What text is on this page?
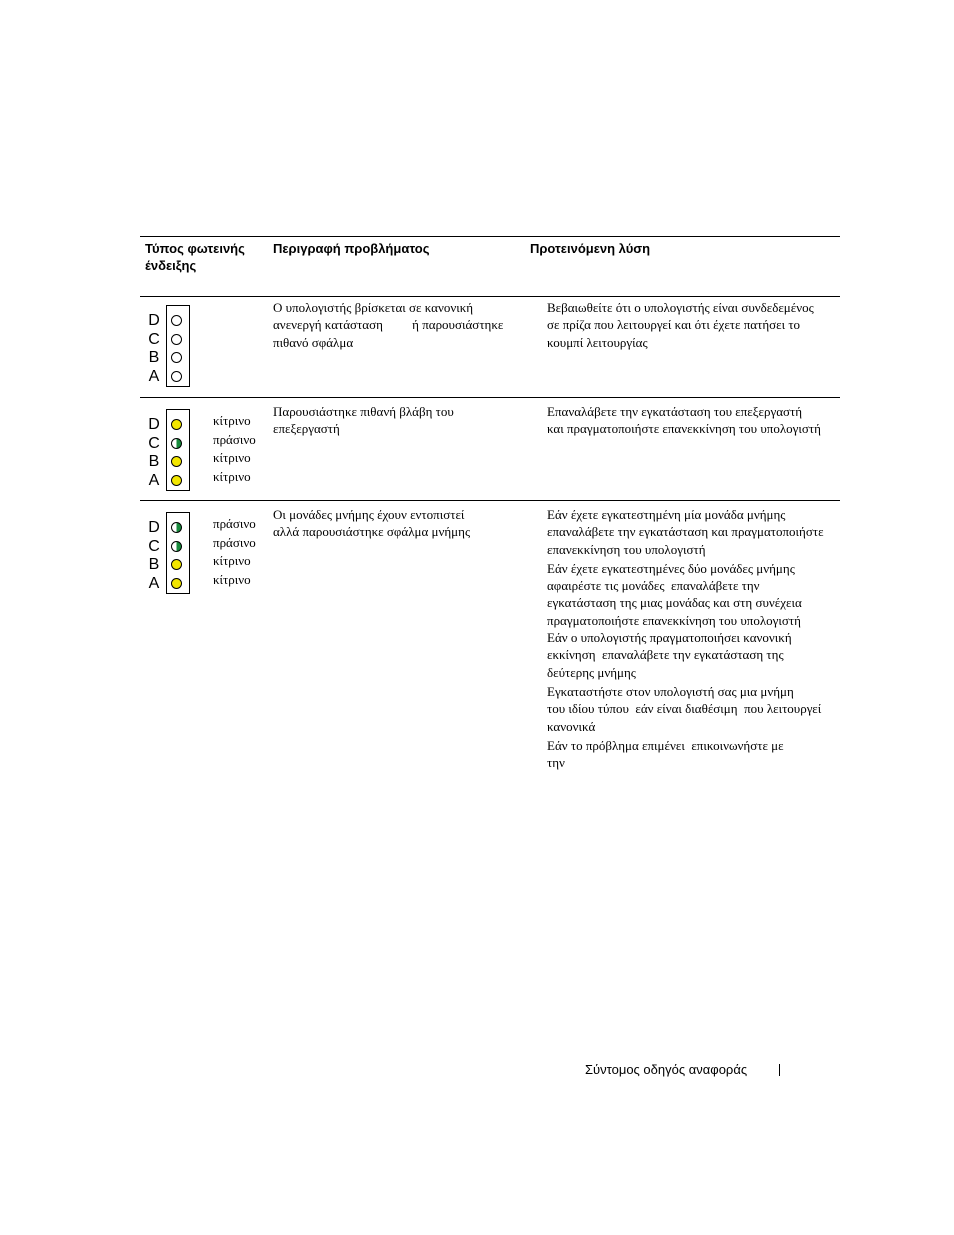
Τύπος φωτεινής ένδειξης
Περιγραφή προβλήματος	Προτεινόμενη λύση
D
C
B
A
Ο υπολογιστής βρίσκεται σε κανονική
ανενεργή κατάσταση         ή παρουσιάστηκε
πιθανό σφάλμα
Βεβαιωθείτε ότι ο υπολογιστής είναι συνδεδεμένος
σε πρίζα που λειτουργεί και ότι έχετε πατήσει το
κουμπί λειτουργίας
D
C
B
A
κίτρινο
πράσινο
κίτρινο
κίτρινο
Παρουσιάστηκε πιθανή βλάβη του
επεξεργαστή
Επαναλάβετε την εγκατάσταση του επεξεργαστή
και πραγματοποιήστε επανεκκίνηση του υπολογιστή
D
C
B
A
πράσινο
πράσινο
κίτρινο
κίτρινο
Οι μονάδες μνήμης έχουν εντοπιστεί
αλλά παρουσιάστηκε σφάλμα μνήμης
Εάν έχετε εγκατεστημένη μία μονάδα μνήμης
επαναλάβετε την εγκατάσταση και πραγματοποιήστε
επανεκκίνηση του υπολογιστή
Εάν έχετε εγκατεστημένες δύο μονάδες μνήμης
αφαιρέστε τις μονάδες  επαναλάβετε την
εγκατάσταση της μιας μονάδας και στη συνέχεια
πραγματοποιήστε επανεκκίνηση του υπολογιστή
Εάν ο υπολογιστής πραγματοποιήσει κανονική
εκκίνηση  επαναλάβετε την εγκατάσταση της
δεύτερης μνήμης
Εγκαταστήστε στον υπολογιστή σας μια μνήμη
του ιδίου τύπου  εάν είναι διαθέσιμη  που λειτουργεί
κανονικά
Εάν το πρόβλημα επιμένει  επικοινωνήστε με
την
Σύντομος οδηγός αναφοράς
